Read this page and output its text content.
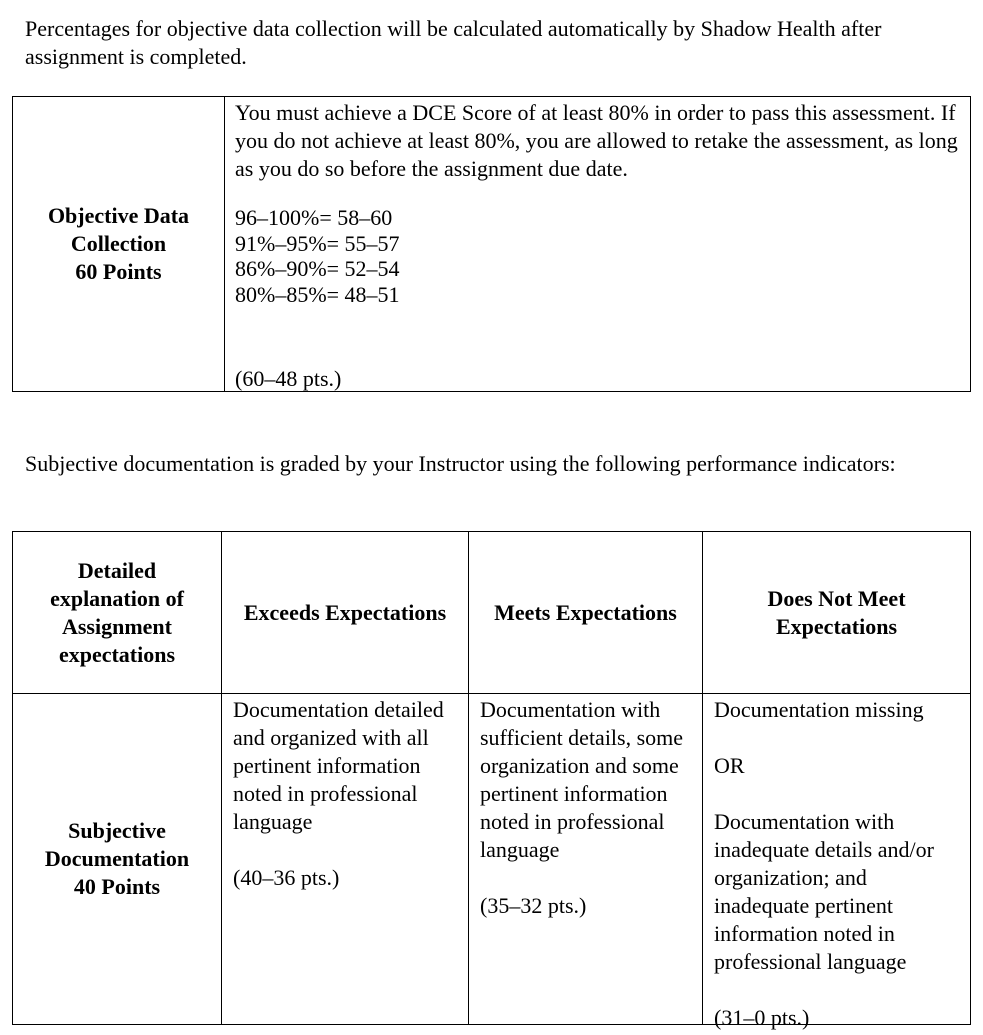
Percentages for objective data collection will be calculated automatically by Shadow Health after assignment is completed.

Objective Data
Collection
60 Points

You must achieve a DCE Score of at least 80% in order to pass this assessment. If you do not achieve at least 80%, you are allowed to retake the assessment, as long as you do so before the assignment due date.

96–100%= 58–60
91%–95%= 55–57
86%–90%= 52–54
80%–85%= 48–51

(60–48 pts.)

Subjective documentation is graded by your Instructor using the following performance indicators:

Detailed explanation of Assignment expectations
Exceeds Expectations Meets Expectations
Does Not Meet Expectations
Subjective
Documentation
40 Points

Documentation detailed and organized with all pertinent information noted in professional language

(40–36 pts.)

Documentation with sufficient details, some organization and some pertinent information noted in professional language

(35–32 pts.)

Documentation missing

OR

Documentation with inadequate details and/or organization; and inadequate pertinent information noted in professional language

(31–0 pts.)
